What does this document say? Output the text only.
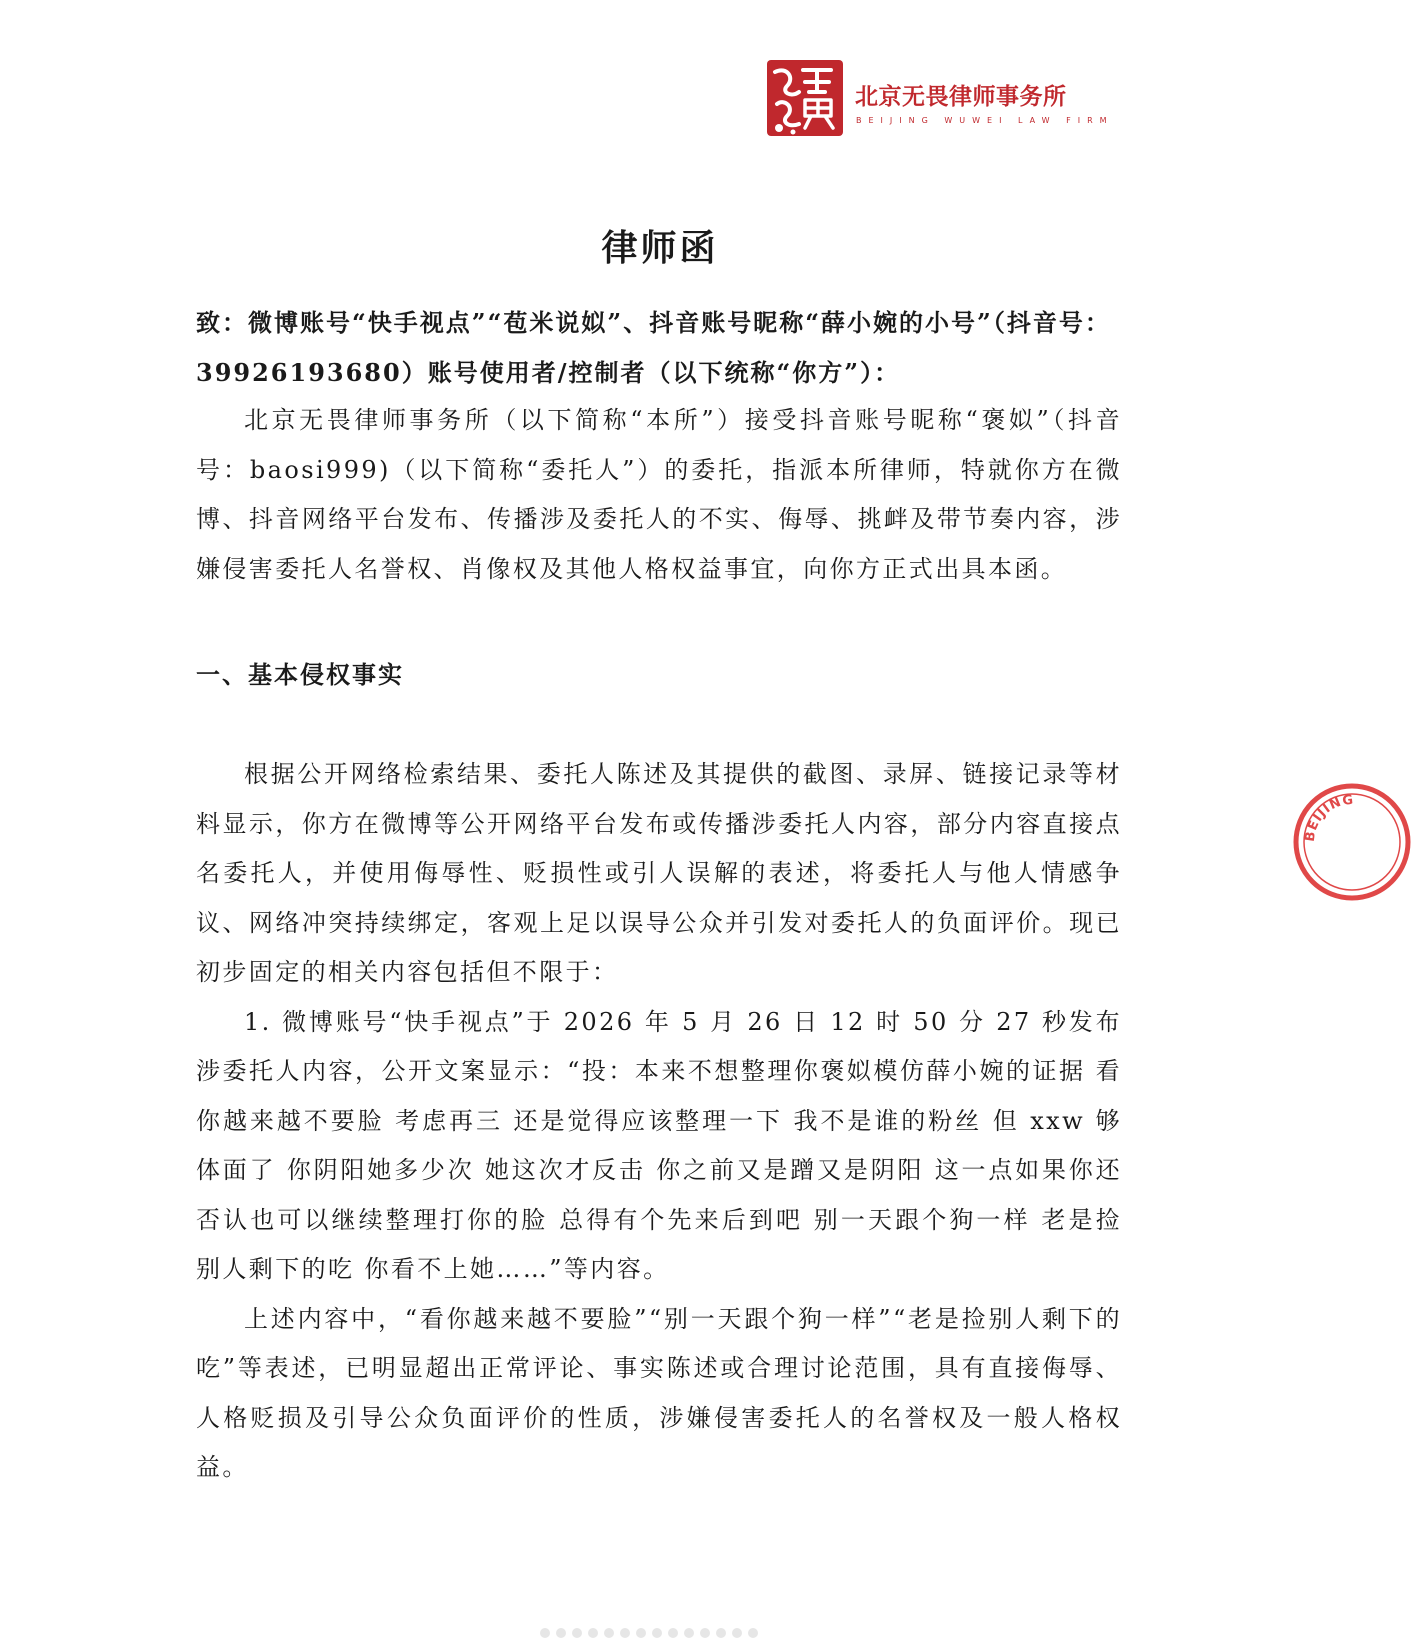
北京无畏律师事务所
BEIJING WUWEI LAW FIRM
律师函
致：微博账号“快手视点”“苞米说姒”、抖音账号昵称“薛小婉的小号”（抖音号：39926193680）账号使用者/控制者（以下统称“你方”）：

北京无畏律师事务所（以下简称“本所”）接受抖音账号昵称“褒姒”（抖音号：baosi999)（以下简称“委托人”）的委托，指派本所律师，特就你方在微博、抖音网络平台发布、传播涉及委托人的不实、侮辱、挑衅及带节奏内容，涉嫌侵害委托人名誉权、肖像权及其他人格权益事宜，向你方正式出具本函。

一、基本侵权事实

根据公开网络检索结果、委托人陈述及其提供的截图、录屏、链接记录等材料显示，你方在微博等公开网络平台发布或传播涉委托人内容，部分内容直接点名委托人，并使用侮辱性、贬损性或引人误解的表述，将委托人与他人情感争议、网络冲突持续绑定，客观上足以误导公众并引发对委托人的负面评价。现已初步固定的相关内容包括但不限于：

1. 微博账号“快手视点”于 2026 年 5 月 26 日 12 时 50 分 27 秒发布涉委托人内容，公开文案显示：“投：本来不想整理你褒姒模仿薛小婉的证据 看你越来越不要脸 考虑再三 还是觉得应该整理一下 我不是谁的粉丝 但 xxw 够体面了 你阴阳她多少次 她这次才反击 你之前又是蹭又是阴阳 这一点如果你还否认也可以继续整理打你的脸 总得有个先来后到吧 别一天跟个狗一样 老是捡别人剩下的吃 你看不上她……”等内容。

上述内容中，“看你越来越不要脸”“别一天跟个狗一样”“老是捡别人剩下的吃”等表述，已明显超出正常评论、事实陈述或合理讨论范围，具有直接侮辱、人格贬损及引导公众负面评价的性质，涉嫌侵害委托人的名誉权及一般人格权益。

BEIJING
